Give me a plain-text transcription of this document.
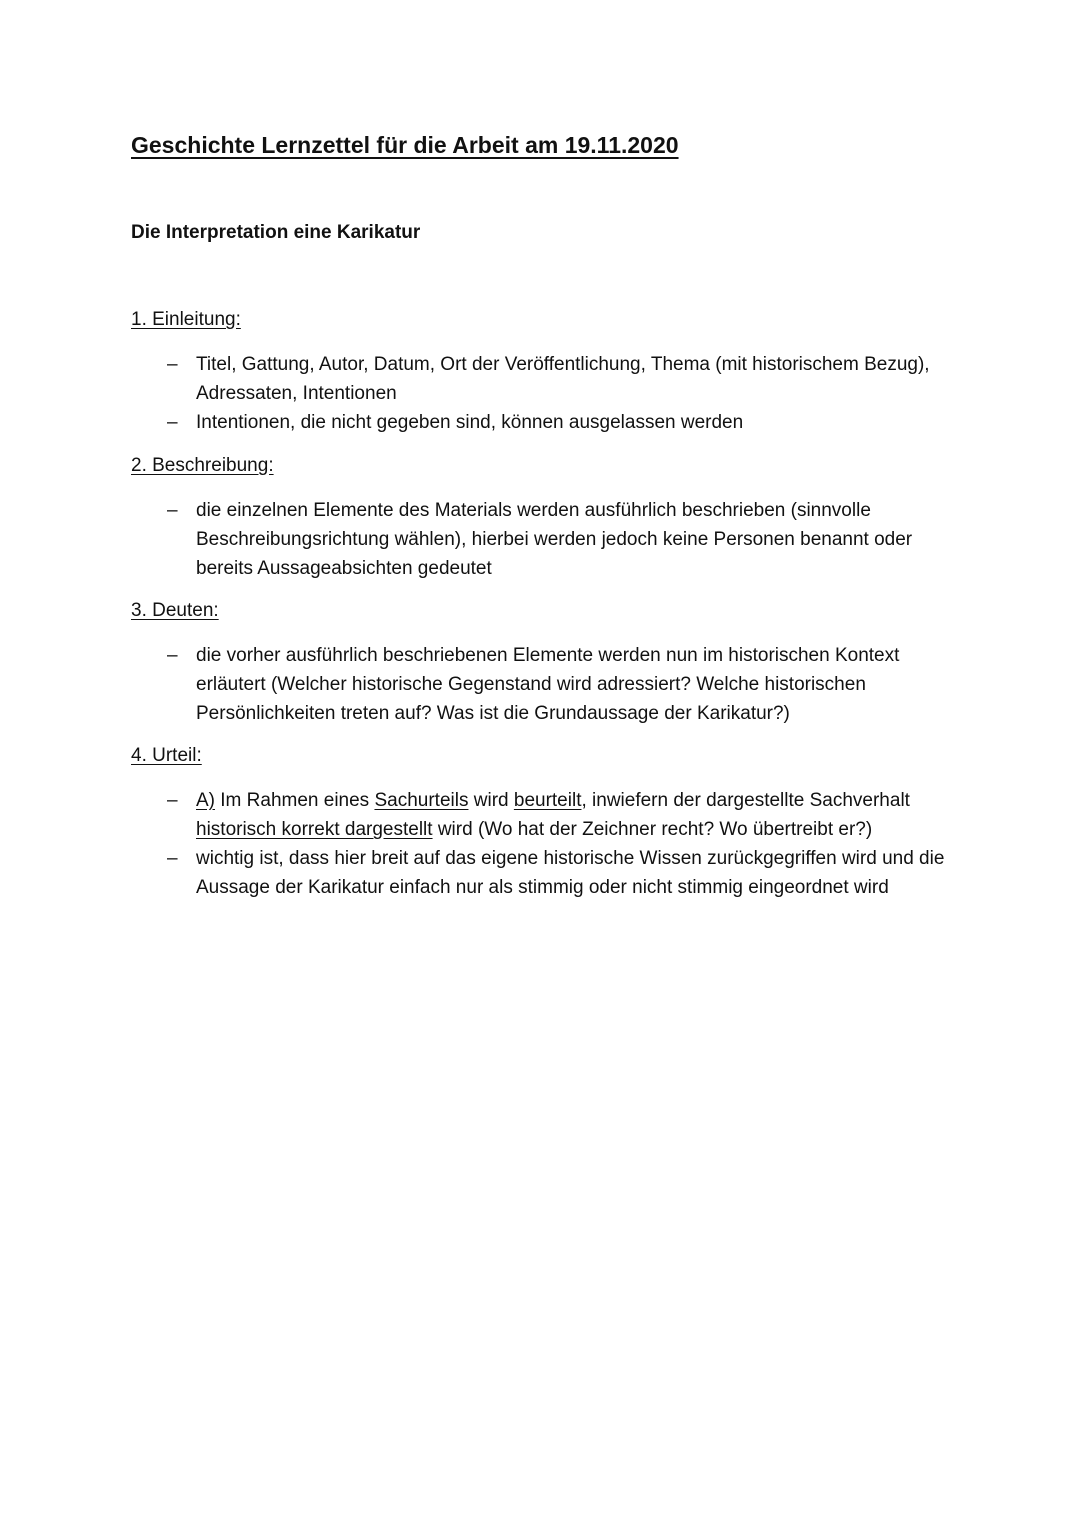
Geschichte Lernzettel für die Arbeit am 19.11.2020
Die Interpretation eine Karikatur
1. Einleitung:
– Titel, Gattung, Autor, Datum, Ort der Veröffentlichung, Thema (mit historischem Bezug), Adressaten, Intentionen
– Intentionen, die nicht gegeben sind, können ausgelassen werden
2. Beschreibung:
– die einzelnen Elemente des Materials werden ausführlich beschrieben (sinnvolle Beschreibungsrichtung wählen), hierbei werden jedoch keine Personen benannt oder bereits Aussageabsichten gedeutet
3. Deuten:
– die vorher ausführlich beschriebenen Elemente werden nun im historischen Kontext erläutert (Welcher historische Gegenstand wird adressiert? Welche historischen Persönlichkeiten treten auf? Was ist die Grundaussage der Karikatur?)
4. Urteil:
– A) Im Rahmen eines Sachurteils wird beurteilt, inwiefern der dargestellte Sachverhalt historisch korrekt dargestellt wird (Wo hat der Zeichner recht? Wo übertreibt er?)
– wichtig ist, dass hier breit auf das eigene historische Wissen zurückgegriffen wird und die Aussage der Karikatur einfach nur als stimmig oder nicht stimmig eingeordnet wird
